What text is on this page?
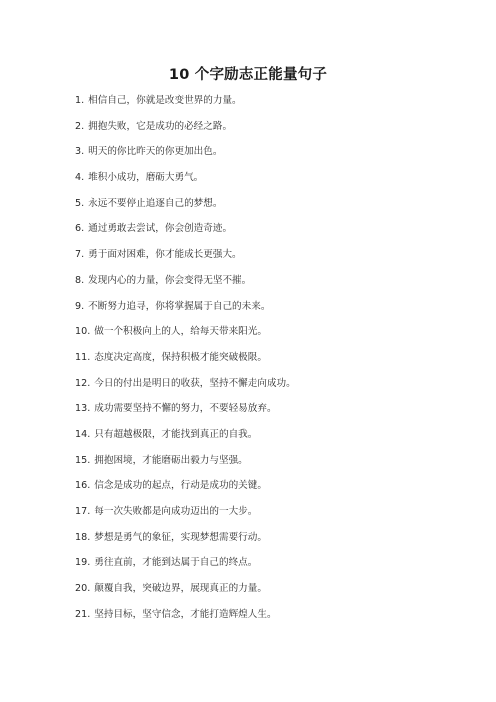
10 个字励志正能量句子
1. 相信自己，你就是改变世界的力量。
2. 拥抱失败，它是成功的必经之路。
3. 明天的你比昨天的你更加出色。
4. 堆积小成功，磨砺大勇气。
5. 永远不要停止追逐自己的梦想。
6. 通过勇敢去尝试，你会创造奇迹。
7. 勇于面对困难，你才能成长更强大。
8. 发现内心的力量，你会变得无坚不摧。
9. 不断努力追寻，你将掌握属于自己的未来。
10. 做一个积极向上的人，给每天带来阳光。
11. 态度决定高度，保持积极才能突破极限。
12. 今日的付出是明日的收获，坚持不懈走向成功。
13. 成功需要坚持不懈的努力，不要轻易放弃。
14. 只有超越极限，才能找到真正的自我。
15. 拥抱困境，才能磨砺出毅力与坚强。
16. 信念是成功的起点，行动是成功的关键。
17. 每一次失败都是向成功迈出的一大步。
18. 梦想是勇气的象征，实现梦想需要行动。
19. 勇往直前，才能到达属于自己的终点。
20. 颠覆自我，突破边界，展现真正的力量。
21. 坚持目标，坚守信念，才能打造辉煌人生。
